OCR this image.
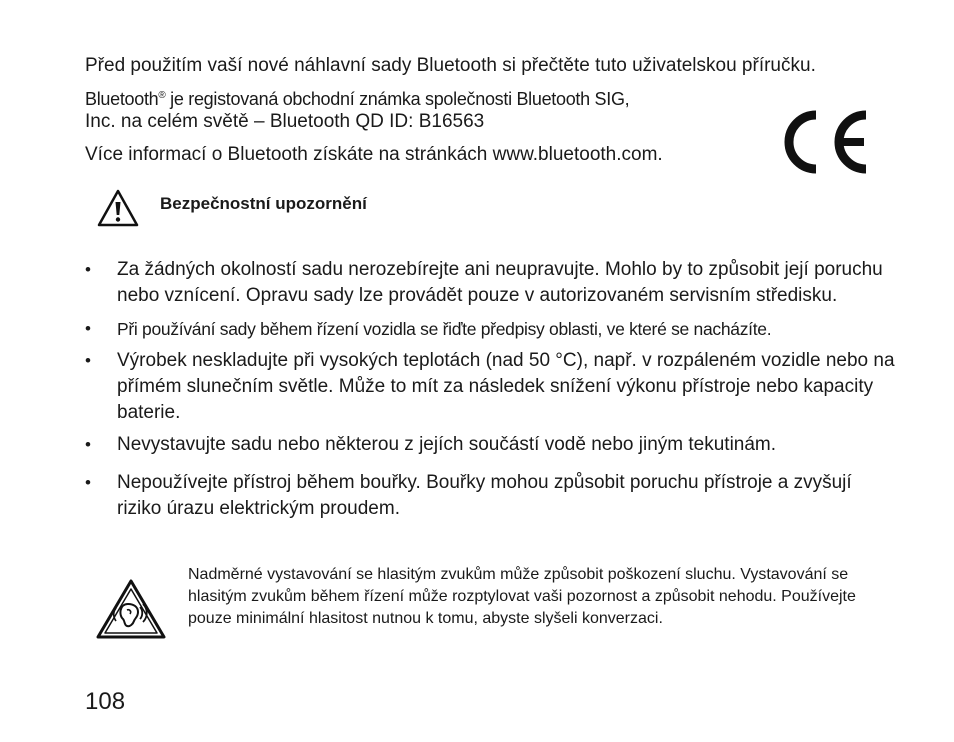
Před použitím vaší nové náhlavní sady Bluetooth si přečtěte tuto uživatelskou příručku.
Bluetooth® je registovaná obchodní známka společnosti Bluetooth SIG,
Inc. na celém světě – Bluetooth QD ID: B16563
Více informací o Bluetooth získáte na stránkách www.bluetooth.com.
Bezpečnostní upozornění
• Za žádných okolností sadu nerozebírejte ani neupravujte. Mohlo by to způsobit její poruchu nebo vznícení. Opravu sady lze provádět pouze v autorizovaném servisním středisku.
• Při používání sady během řízení vozidla se řiďte předpisy oblasti, ve které se nacházíte.
• Výrobek neskladujte při vysokých teplotách (nad 50 °C), např. v rozpáleném vozidle nebo na přímém slunečním světle. Může to mít za následek snížení výkonu přístroje nebo kapacity baterie.
• Nevystavujte sadu nebo některou z jejích součástí vodě nebo jiným tekutinám.
• Nepoužívejte přístroj během bouřky. Bouřky mohou způsobit poruchu přístroje a zvyšují riziko úrazu elektrickým proudem.
Nadměrné vystavování se hlasitým zvukům může způsobit poškození sluchu. Vystavování se hlasitým zvukům během řízení může rozptylovat vaši pozornost a způsobit nehodu. Používejte pouze minimální hlasitost nutnou k tomu, abyste slyšeli konverzaci.
108
